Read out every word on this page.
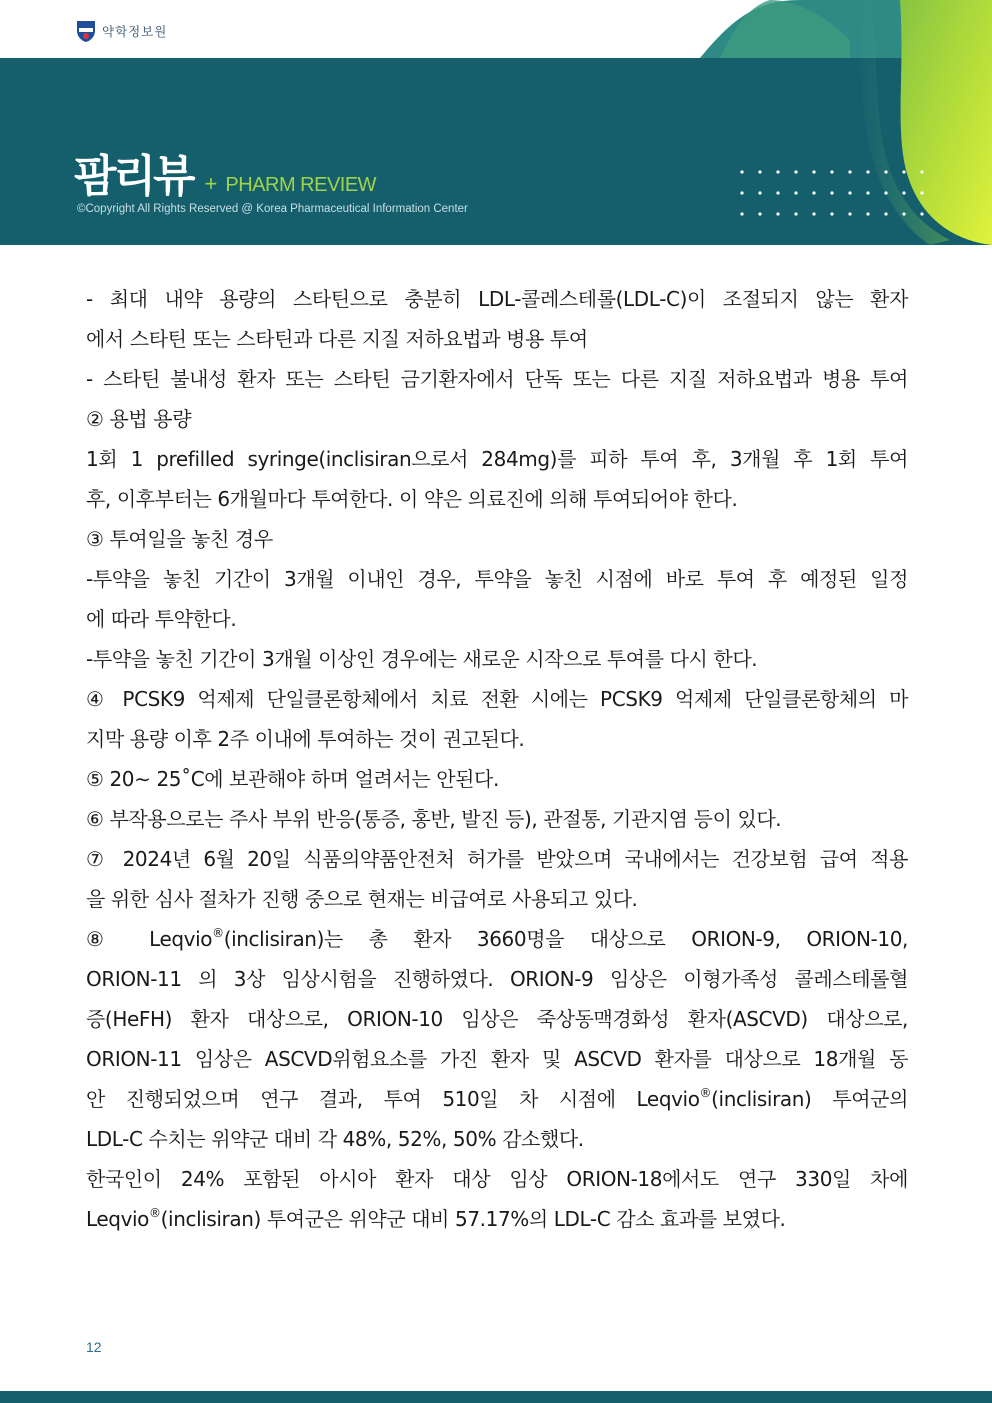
약학정보원
팜리뷰 + PHARM REVIEW
©Copyright All Rights Reserved @ Korea Pharmaceutical Information Center
- 최대 내약 용량의 스타틴으로 충분히 LDL-콜레스테롤(LDL-C)이 조절되지 않는 환자
에서 스타틴 또는 스타틴과 다른 지질 저하요법과 병용 투여
- 스타틴 불내성 환자 또는 스타틴 금기환자에서 단독 또는 다른 지질 저하요법과 병용 투여
② 용법 용량
1회 1 prefilled syringe(inclisiran으로서 284mg)를 피하 투여 후, 3개월 후 1회 투여
후, 이후부터는 6개월마다 투여한다. 이 약은 의료진에 의해 투여되어야 한다.
③ 투여일을 놓친 경우
-투약을 놓친 기간이 3개월 이내인 경우, 투약을 놓친 시점에 바로 투여 후 예정된 일정
에 따라 투약한다.
-투약을 놓친 기간이 3개월 이상인 경우에는 새로운 시작으로 투여를 다시 한다.
④ PCSK9 억제제 단일클론항체에서 치료 전환 시에는 PCSK9 억제제 단일클론항체의 마
지막 용량 이후 2주 이내에 투여하는 것이 권고된다.
⑤ 20∼ 25˚C에 보관해야 하며 얼려서는 안된다.
⑥ 부작용으로는 주사 부위 반응(통증, 홍반, 발진 등), 관절통, 기관지염 등이 있다.
⑦ 2024년 6월 20일 식품의약품안전처 허가를 받았으며 국내에서는 건강보험 급여 적용
을 위한 심사 절차가 진행 중으로 현재는 비급여로 사용되고 있다.
⑧ Leqvio®(inclisiran)는 총 환자 3660명을 대상으로 ORION-9, ORION-10,
ORION-11 의 3상 임상시험을 진행하였다. ORION-9 임상은 이형가족성 콜레스테롤혈
증(HeFH) 환자 대상으로, ORION-10 임상은 죽상동맥경화성 환자(ASCVD) 대상으로,
ORION-11 임상은 ASCVD위험요소를 가진 환자 및 ASCVD 환자를 대상으로 18개월 동
안 진행되었으며 연구 결과, 투여 510일 차 시점에 Leqvio®(inclisiran) 투여군의
LDL-C 수치는 위약군 대비 각 48%, 52%, 50% 감소했다.
한국인이 24% 포함된 아시아 환자 대상 임상 ORION-18에서도 연구 330일 차에
Leqvio®(inclisiran) 투여군은 위약군 대비 57.17%의 LDL-C 감소 효과를 보였다.
12
